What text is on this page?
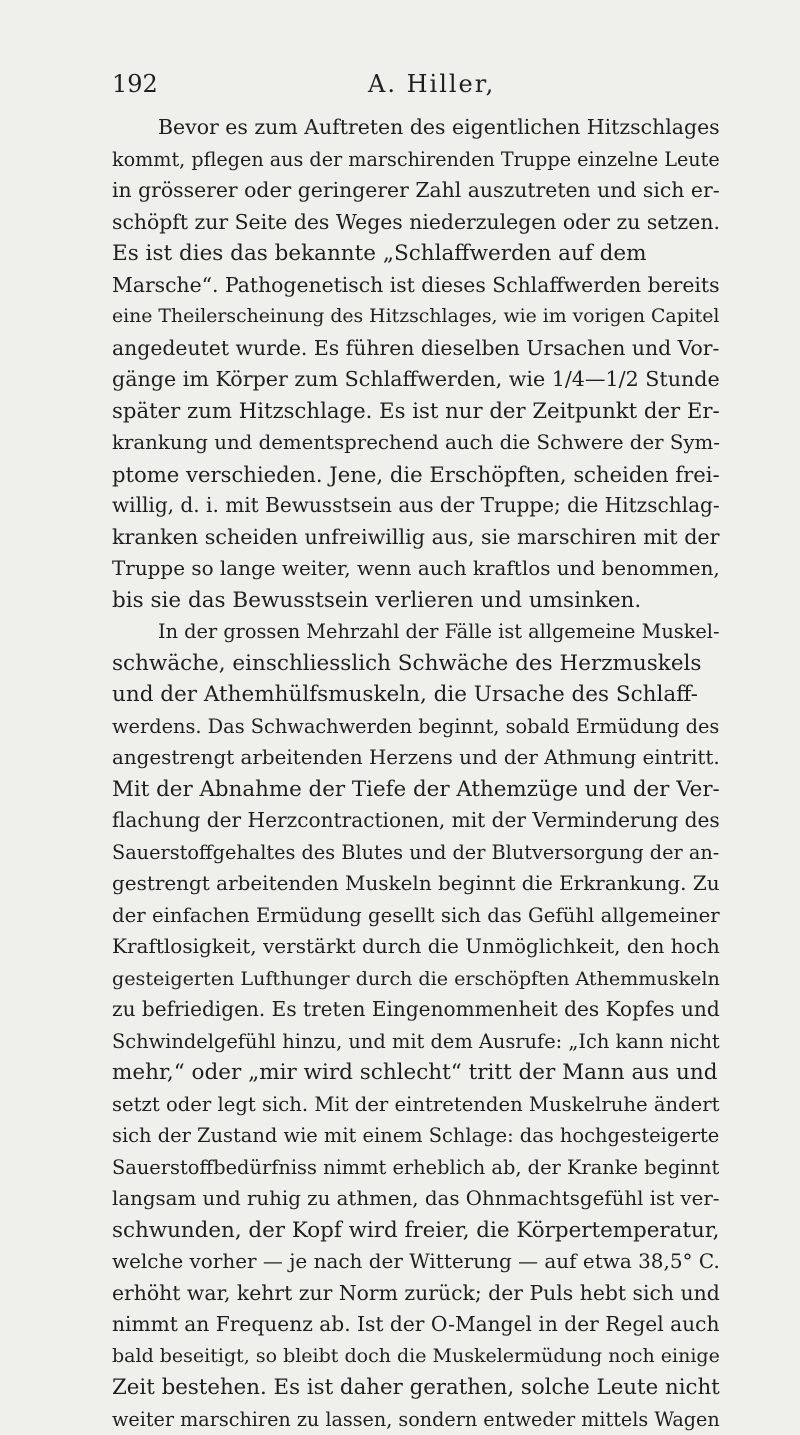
192	A. Hiller,
Bevor es zum Auftreten des eigentlichen Hitzschlages
kommt, pflegen aus der marschirenden Truppe einzelne Leute
in grösserer oder geringerer Zahl auszutreten und sich er-
schöpft zur Seite des Weges niederzulegen oder zu setzen.
Es ist dies das bekannte „Schlaffwerden auf dem
Marsche“. Pathogenetisch ist dieses Schlaffwerden bereits
eine Theilerscheinung des Hitzschlages, wie im vorigen Capitel
angedeutet wurde. Es führen dieselben Ursachen und Vor-
gänge im Körper zum Schlaffwerden, wie 1/4—1/2 Stunde
später zum Hitzschlage. Es ist nur der Zeitpunkt der Er-
krankung und dementsprechend auch die Schwere der Sym-
ptome verschieden. Jene, die Erschöpften, scheiden frei-
willig, d. i. mit Bewusstsein aus der Truppe; die Hitzschlag-
kranken scheiden unfreiwillig aus, sie marschiren mit der
Truppe so lange weiter, wenn auch kraftlos und benommen,
bis sie das Bewusstsein verlieren und umsinken.
In der grossen Mehrzahl der Fälle ist allgemeine Muskel-
schwäche, einschliesslich Schwäche des Herzmuskels
und der Athemhülfsmuskeln, die Ursache des Schlaff-
werdens. Das Schwachwerden beginnt, sobald Ermüdung des
angestrengt arbeitenden Herzens und der Athmung eintritt.
Mit der Abnahme der Tiefe der Athemzüge und der Ver-
flachung der Herzcontractionen, mit der Verminderung des
Sauerstoffgehaltes des Blutes und der Blutversorgung der an-
gestrengt arbeitenden Muskeln beginnt die Erkrankung. Zu
der einfachen Ermüdung gesellt sich das Gefühl allgemeiner
Kraftlosigkeit, verstärkt durch die Unmöglichkeit, den hoch
gesteigerten Lufthunger durch die erschöpften Athemmuskeln
zu befriedigen. Es treten Eingenommenheit des Kopfes und
Schwindelgefühl hinzu, und mit dem Ausrufe: „Ich kann nicht
mehr,“ oder „mir wird schlecht“ tritt der Mann aus und
setzt oder legt sich. Mit der eintretenden Muskelruhe ändert
sich der Zustand wie mit einem Schlage: das hochgesteigerte
Sauerstoffbedürfniss nimmt erheblich ab, der Kranke beginnt
langsam und ruhig zu athmen, das Ohnmachtsgefühl ist ver-
schwunden, der Kopf wird freier, die Körpertemperatur,
welche vorher — je nach der Witterung — auf etwa 38,5° C.
erhöht war, kehrt zur Norm zurück; der Puls hebt sich und
nimmt an Frequenz ab. Ist der O-Mangel in der Regel auch
bald beseitigt, so bleibt doch die Muskelermüdung noch einige
Zeit bestehen. Es ist daher gerathen, solche Leute nicht
weiter marschiren zu lassen, sondern entweder mittels Wagen
